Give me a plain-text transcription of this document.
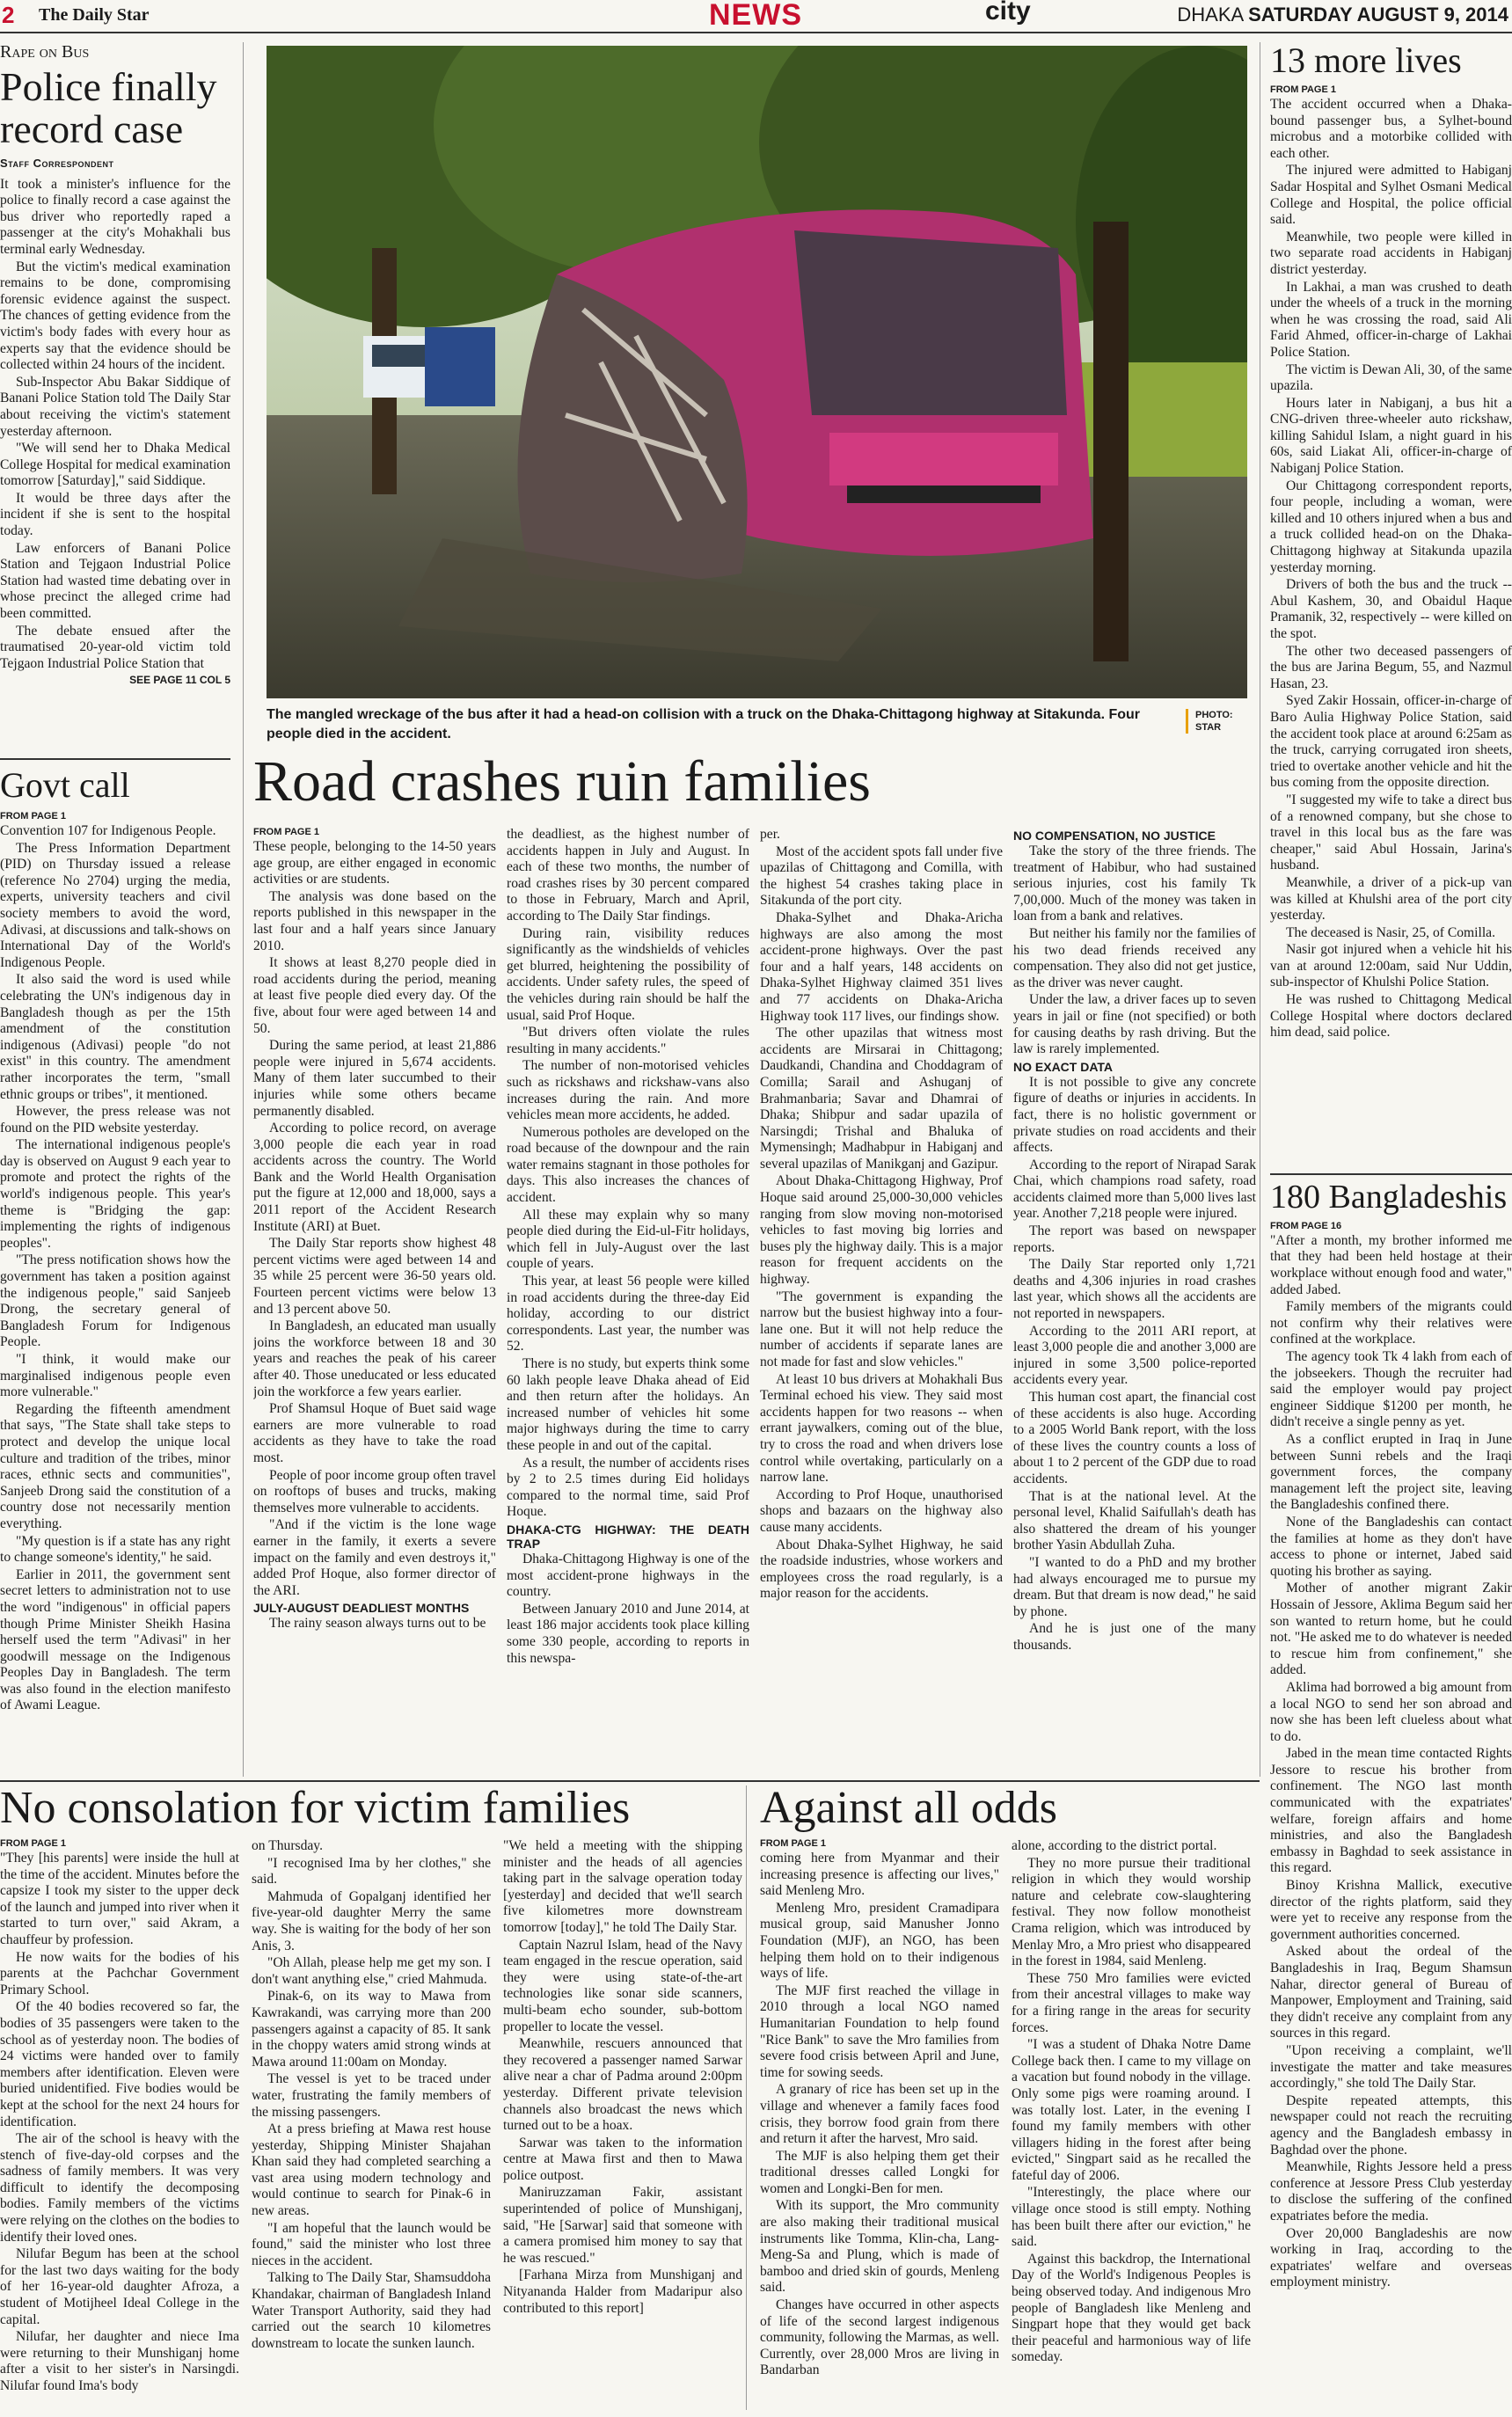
2 The Daily Star	NEWS	city	DHAKA SATURDAY AUGUST 9, 2014
Rape on Bus
Police finally record case
Staff Correspondent

It took a minister's influence for the police to finally record a case against the bus driver who reportedly raped a passenger at the city's Mohakhali bus terminal early Wednesday.

But the victim's medical examination remains to be done, compromising forensic evidence against the suspect. The chances of getting evidence from the victim's body fades with every hour as experts say that the evidence should be collected within 24 hours of the incident.

Sub-Inspector Abu Bakar Siddique of Banani Police Station told The Daily Star about receiving the victim's statement yesterday afternoon.

"We will send her to Dhaka Medical College Hospital for medical examination tomorrow [Saturday]," said Siddique.

It would be three days after the incident if she is sent to the hospital today.

Law enforcers of Banani Police Station and Tejgaon Industrial Police Station had wasted time debating over in whose precinct the alleged crime had been committed.

The debate ensued after the traumatised 20-year-old victim told Tejgaon Industrial Police Station that

SEE PAGE 11 COL 5
Govt call
FROM PAGE 1

Convention 107 for Indigenous People.

The Press Information Department (PID) on Thursday issued a release (reference No 2704) urging the media, experts, university teachers and civil society members to avoid the word, Adivasi, at discussions and talk-shows on International Day of the World's Indigenous People.

It also said the word is used while celebrating the UN's indigenous day in Bangladesh though as per the 15th amendment of the constitution indigenous (Adivasi) people "do not exist" in this country. The amendment rather incorporates the term, "small ethnic groups or tribes", it mentioned.

However, the press release was not found on the PID website yesterday.

The international indigenous people's day is observed on August 9 each year to promote and protect the rights of the world's indigenous people. This year's theme is "Bridging the gap: implementing the rights of indigenous peoples".

"The press notification shows how the government has taken a position against the indigenous people," said Sanjeeb Drong, the secretary general of Bangladesh Forum for Indigenous People.

"I think, it would make our marginalised indigenous people even more vulnerable."

Regarding the fifteenth amendment that says, "The State shall take steps to protect and develop the unique local culture and tradition of the tribes, minor races, ethnic sects and communities", Sanjeeb Drong said the constitution of a country dose not necessarily mention everything.

"My question is if a state has any right to change someone's identity," he said.

Earlier in 2011, the government sent secret letters to administration not to use the word "indigenous" in official papers though Prime Minister Sheikh Hasina herself used the term "Adivasi" in her goodwill message on the Indigenous Peoples Day in Bangladesh. The term was also found in the election manifesto of Awami League.

The mangled wreckage of the bus after it had a head-on collision with a truck on the Dhaka-Chittagong highway at Sitakunda. Four people died in the accident.
PHOTO: STAR
Road crashes ruin families
FROM PAGE 1

These people, belonging to the 14-50 years age group, are either engaged in economic activities or are students.

The analysis was done based on the reports published in this newspaper in the last four and a half years since January 2010.

It shows at least 8,270 people died in road accidents during the period, meaning at least five people died every day. Of the five, about four were aged between 14 and 50.

During the same period, at least 21,886 people were injured in 5,674 accidents. Many of them later succumbed to their injuries while some others became permanently disabled.

According to police record, on average 3,000 people die each year in road accidents across the country. The World Bank and the World Health Organisation put the figure at 12,000 and 18,000, says a 2011 report of the Accident Research Institute (ARI) at Buet.

The Daily Star reports show highest 48 percent victims were aged between 14 and 35 while 25 percent were 36-50 years old. Fourteen percent victims were below 13 and 13 percent above 50.

In Bangladesh, an educated man usually joins the workforce between 18 and 30 years and reaches the peak of his career after 40. Those uneducated or less educated join the workforce a few years earlier.

Prof Shamsul Hoque of Buet said wage earners are more vulnerable to road accidents as they have to take the road most.

People of poor income group often travel on rooftops of buses and trucks, making themselves more vulnerable to accidents.

"And if the victim is the lone wage earner in the family, it exerts a severe impact on the family and even destroys it," added Prof Hoque, also former director of the ARI.

JULY-AUGUST DEADLIEST MONTHS

The rainy season always turns out to be

the deadliest, as the highest number of accidents happen in July and August. In each of these two months, the number of road crashes rises by 30 percent compared to those in February, March and April, according to The Daily Star findings.

During rain, visibility reduces significantly as the windshields of vehicles get blurred, heightening the possibility of accidents. Under safety rules, the speed of the vehicles during rain should be half the usual, said Prof Hoque.

"But drivers often violate the rules resulting in many accidents."

The number of non-motorised vehicles such as rickshaws and rickshaw-vans also increases during the rain. And more vehicles mean more accidents, he added.

Numerous potholes are developed on the road because of the downpour and the rain water remains stagnant in those potholes for days. This also increases the chances of accident.

All these may explain why so many people died during the Eid-ul-Fitr holidays, which fell in July-August over the last couple of years.

This year, at least 56 people were killed in road accidents during the three-day Eid holiday, according to our district correspondents. Last year, the number was 52.

There is no study, but experts think some 60 lakh people leave Dhaka ahead of Eid and then return after the holidays. An increased number of vehicles hit some major highways during the time to carry these people in and out of the capital.

As a result, the number of accidents rises by 2 to 2.5 times during Eid holidays compared to the normal time, said Prof Hoque.

DHAKA-CTG HIGHWAY: THE DEATH TRAP

Dhaka-Chittagong Highway is one of the most accident-prone highways in the country.

Between January 2010 and June 2014, at least 186 major accidents took place killing some 330 people, according to reports in this newspa-

per.

Most of the accident spots fall under five upazilas of Chittagong and Comilla, with the highest 54 crashes taking place in Sitakunda of the port city.

Dhaka-Sylhet and Dhaka-Aricha highways are also among the most accident-prone highways. Over the past four and a half years, 148 accidents on Dhaka-Sylhet Highway claimed 351 lives and 77 accidents on Dhaka-Aricha Highway took 117 lives, our findings show.

The other upazilas that witness most accidents are Mirsarai in Chittagong; Daudkandi, Chandina and Choddagram of Comilla; Sarail and Ashuganj of Brahmanbaria; Savar and Dhamrai of Dhaka; Shibpur and sadar upazila of Narsingdi; Trishal and Bhaluka of Mymensingh; Madhabpur in Habiganj and several upazilas of Manikganj and Gazipur.

About Dhaka-Chittagong Highway, Prof Hoque said around 25,000-30,000 vehicles ranging from slow moving non-motorised vehicles to fast moving big lorries and buses ply the highway daily. This is a major reason for frequent accidents on the highway.

"The government is expanding the narrow but the busiest highway into a four-lane one. But it will not help reduce the number of accidents if separate lanes are not made for fast and slow vehicles."

At least 10 bus drivers at Mohakhali Bus Terminal echoed his view. They said most accidents happen for two reasons -- when errant jaywalkers, coming out of the blue, try to cross the road and when drivers lose control while overtaking, particularly on a narrow lane.

According to Prof Hoque, unauthorised shops and bazaars on the highway also cause many accidents.

About Dhaka-Sylhet Highway, he said the roadside industries, whose workers and employees cross the road regularly, is a major reason for the accidents.

NO COMPENSATION, NO JUSTICE

Take the story of the three friends. The treatment of Habibur, who had sustained serious injuries, cost his family Tk 7,00,000. Much of the money was taken in loan from a bank and relatives.

But neither his family nor the families of his two dead friends received any compensation. They also did not get justice, as the driver was never caught.

Under the law, a driver faces up to seven years in jail or fine (not specified) or both for causing deaths by rash driving. But the law is rarely implemented.

NO EXACT DATA

It is not possible to give any concrete figure of deaths or injuries in accidents. In fact, there is no holistic government or private studies on road accidents and their affects.

According to the report of Nirapad Sarak Chai, which champions road safety, road accidents claimed more than 5,000 lives last year. Another 7,218 people were injured.

The report was based on newspaper reports.

The Daily Star reported only 1,721 deaths and 4,306 injuries in road crashes last year, which shows all the accidents are not reported in newspapers.

According to the 2011 ARI report, at least 3,000 people die and another 3,000 are injured in some 3,500 police-reported accidents every year.

This human cost apart, the financial cost of these accidents is also huge. According to a 2005 World Bank report, with the loss of these lives the country counts a loss of about 1 to 2 percent of the GDP due to road accidents.

That is at the national level. At the personal level, Khalid Saifullah's death has also shattered the dream of his younger brother Yasin Abdullah Zuha.

"I wanted to do a PhD and my brother had always encouraged me to pursue my dream. But that dream is now dead," he said by phone.

And he is just one of the many thousands.

13 more lives
FROM PAGE 1

The accident occurred when a Dhaka-bound passenger bus, a Sylhet-bound microbus and a motorbike collided with each other.

The injured were admitted to Habiganj Sadar Hospital and Sylhet Osmani Medical College and Hospital, the police official said.

Meanwhile, two people were killed in two separate road accidents in Habiganj district yesterday.

In Lakhai, a man was crushed to death under the wheels of a truck in the morning when he was crossing the road, said Ali Farid Ahmed, officer-in-charge of Lakhai Police Station.

The victim is Dewan Ali, 30, of the same upazila.

Hours later in Nabiganj, a bus hit a CNG-driven three-wheeler auto rickshaw, killing Sahidul Islam, a night guard in his 60s, said Liakat Ali, officer-in-charge of Nabiganj Police Station.

Our Chittagong correspondent reports, four people, including a woman, were killed and 10 others injured when a bus and a truck collided head-on on the Dhaka-Chittagong highway at Sitakunda upazila yesterday morning.

Drivers of both the bus and the truck -- Abul Kashem, 30, and Obaidul Haque Pramanik, 32, respectively -- were killed on the spot.

The other two deceased passengers of the bus are Jarina Begum, 55, and Nazmul Hasan, 23.

Syed Zakir Hossain, officer-in-charge of Baro Aulia Highway Police Station, said the accident took place at around 6:25am as the truck, carrying corrugated iron sheets, tried to overtake another vehicle and hit the bus coming from the opposite direction.

"I suggested my wife to take a direct bus of a renowned company, but she chose to travel in this local bus as the fare was cheaper," said Abul Hossain, Jarina's husband.

Meanwhile, a driver of a pick-up van was killed at Khulshi area of the port city yesterday.

The deceased is Nasir, 25, of Comilla.

Nasir got injured when a vehicle hit his van at around 12:00am, said Nur Uddin, sub-inspector of Khulshi Police Station.

He was rushed to Chittagong Medical College Hospital where doctors declared him dead, said police.

180 Bangladeshis
FROM PAGE 16

"After a month, my brother informed me that they had been held hostage at their workplace without enough food and water," added Jabed.

Family members of the migrants could not confirm why their relatives were confined at the workplace.

The agency took Tk 4 lakh from each of the jobseekers. Though the recruiter had said the employer would pay project engineer Siddique $1200 per month, he didn't receive a single penny as yet.

As a conflict erupted in Iraq in June between Sunni rebels and the Iraqi government forces, the company management left the project site, leaving the Bangladeshis confined there.

None of the Bangladeshis can contact the families at home as they don't have access to phone or internet, Jabed said quoting his brother as saying.

Mother of another migrant Zakir Hossain of Jessore, Aklima Begum said her son wanted to return home, but he could not. "He asked me to do whatever is needed to rescue him from confinement," she added.

Aklima had borrowed a big amount from a local NGO to send her son abroad and now she has been left clueless about what to do.

Jabed in the mean time contacted Rights Jessore to rescue his brother from confinement. The NGO last month communicated with the expatriates' welfare, foreign affairs and home ministries, and also the Bangladesh embassy in Baghdad to seek assistance in this regard.

Binoy Krishna Mallick, executive director of the rights platform, said they were yet to receive any response from the government authorities concerned.

Asked about the ordeal of the Bangladeshis in Iraq, Begum Shamsun Nahar, director general of Bureau of Manpower, Employment and Training, said they didn't receive any complaint from any sources in this regard.

"Upon receiving a complaint, we'll investigate the matter and take measures accordingly," she told The Daily Star.

Despite repeated attempts, this newspaper could not reach the recruiting agency and the Bangladesh embassy in Baghdad over the phone.

Meanwhile, Rights Jessore held a press conference at Jessore Press Club yesterday to disclose the suffering of the confined expatriates before the media.

Over 20,000 Bangladeshis are now working in Iraq, according to the expatriates' welfare and overseas employment ministry.

No consolation for victim families
FROM PAGE 1

"They [his parents] were inside the hull at the time of the accident. Minutes before the capsize I took my sister to the upper deck of the launch and jumped into river when it started to turn over," said Akram, a chauffeur by profession.

He now waits for the bodies of his parents at the Pachchar Government Primary School.

Of the 40 bodies recovered so far, the bodies of 35 passengers were taken to the school as of yesterday noon. The bodies of 24 victims were handed over to family members after identification. Eleven were buried unidentified. Five bodies would be kept at the school for the next 24 hours for identification.

The air of the school is heavy with the stench of five-day-old corpses and the sadness of family members. It was very difficult to identify the decomposing bodies. Family members of the victims were relying on the clothes on the bodies to identify their loved ones.

Nilufar Begum has been at the school for the last two days waiting for the body of her 16-year-old daughter Afroza, a student of Motijheel Ideal College in the capital.

Nilufar, her daughter and niece Ima were returning to their Munshiganj home after a visit to her sister's in Narsingdi. Nilufar found Ima's body

on Thursday.

"I recognised Ima by her clothes," she said.

Mahmuda of Gopalganj identified her five-year-old daughter Merry the same way. She is waiting for the body of her son Anis, 3.

"Oh Allah, please help me get my son. I don't want anything else," cried Mahmuda.

Pinak-6, on its way to Mawa from Kawrakandi, was carrying more than 200 passengers against a capacity of 85. It sank in the choppy waters amid strong winds at Mawa around 11:00am on Monday.

The vessel is yet to be traced under water, frustrating the family members of the missing passengers.

At a press briefing at Mawa rest house yesterday, Shipping Minister Shajahan Khan said they had completed searching a vast area using modern technology and would continue to search for Pinak-6 in new areas.

"I am hopeful that the launch would be found," said the minister who lost three nieces in the accident.

Talking to The Daily Star, Shamsuddoha Khandakar, chairman of Bangladesh Inland Water Transport Authority, said they had carried out the search 10 kilometres downstream to locate the sunken launch.

"We held a meeting with the shipping minister and the heads of all agencies taking part in the salvage operation today [yesterday] and decided that we'll search five kilometres more downstream tomorrow [today]," he told The Daily Star.

Captain Nazrul Islam, head of the Navy team engaged in the rescue operation, said they were using state-of-the-art technologies like sonar side scanners, multi-beam echo sounder, sub-bottom propeller to locate the vessel.

Meanwhile, rescuers announced that they recovered a passenger named Sarwar alive near a char of Padma around 2:00pm yesterday. Different private television channels also broadcast the news which turned out to be a hoax.

Sarwar was taken to the information centre at Mawa first and then to Mawa police outpost.

Maniruzzaman Fakir, assistant superintended of police of Munshiganj, said, "He [Sarwar] said that someone with a camera promised him money to say that he was rescued."

[Farhana Mirza from Munshiganj and Nityananda Halder from Madaripur also contributed to this report]

Against all odds
FROM PAGE 1

coming here from Myanmar and their increasing presence is affecting our lives," said Menleng Mro.

Menleng Mro, president Cramadipara musical group, said Manusher Jonno Foundation (MJF), an NGO, has been helping them hold on to their indigenous ways of life.

The MJF first reached the village in 2010 through a local NGO named Humanitarian Foundation to help found "Rice Bank" to save the Mro families from severe food crisis between April and June, time for sowing seeds.

A granary of rice has been set up in the village and whenever a family faces food crisis, they borrow food grain from there and return it after the harvest, Mro said.

The MJF is also helping them get their traditional dresses called Longki for women and Longki-Ben for men.

With its support, the Mro community are also making their traditional musical instruments like Tomma, Klin-cha, Lang-Meng-Sa and Plung, which is made of bamboo and dried skin of gourds, Menleng said.

Changes have occurred in other aspects of life of the second largest indigenous community, following the Marmas, as well. Currently, over 28,000 Mros are living in Bandarban

alone, according to the district portal.

They no more pursue their traditional religion in which they would worship nature and celebrate cow-slaughtering festival. They now follow monotheist Crama religion, which was introduced by Menlay Mro, a Mro priest who disappeared in the forest in 1984, said Menleng.

These 750 Mro families were evicted from their ancestral villages to make way for a firing range in the areas for security forces.

"I was a student of Dhaka Notre Dame College back then. I came to my village on a vacation but found nobody in the village. Only some pigs were roaming around. I was totally lost. Later, in the evening I found my family members with other villagers hiding in the forest after being evicted," Singpart said as he recalled the fateful day of 2006.

"Interestingly, the place where our village once stood is still empty. Nothing has been built there after our eviction," he said.

Against this backdrop, the International Day of the World's Indigenous Peoples is being observed today. And indigenous Mro people of Bangladesh like Menleng and Singpart hope that they would get back their peaceful and harmonious way of life someday.
